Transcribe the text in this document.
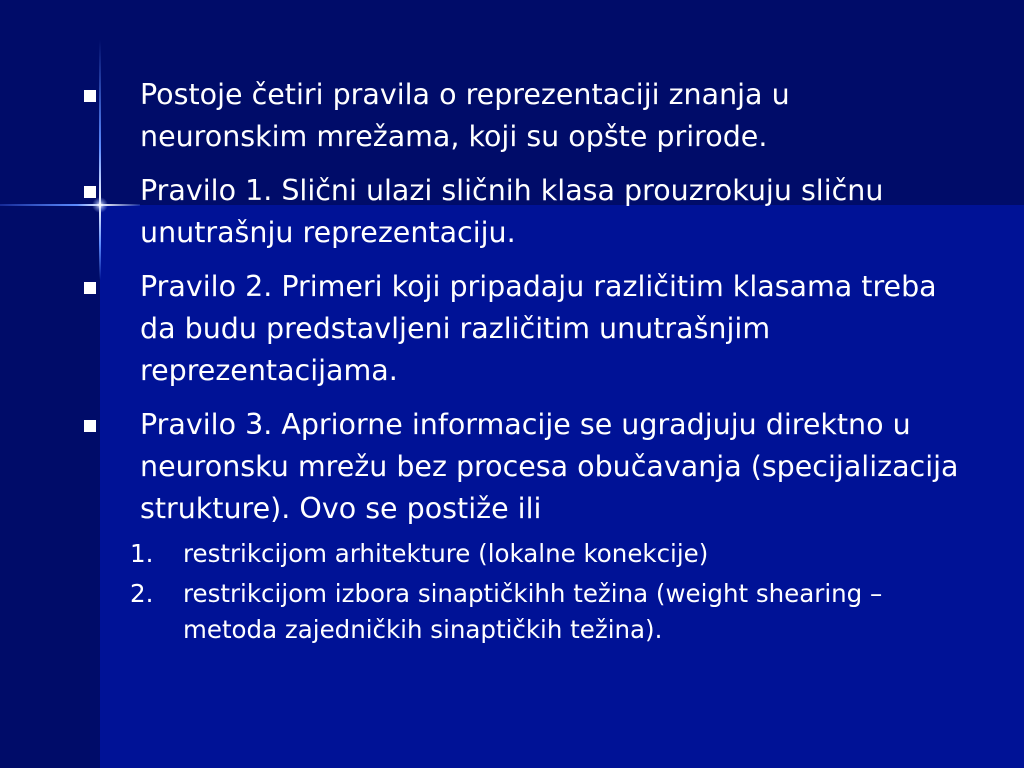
Postoje četiri pravila o reprezentaciji znanja u neuronskim mrežama, koji su opšte prirode.
Pravilo 1. Slični ulazi sličnih klasa prouzrokuju sličnu unutrašnju reprezentaciju.
Pravilo 2. Primeri koji pripadaju različitim klasama treba da budu predstavljeni različitim unutrašnjim reprezentacijama.
Pravilo 3. Apriorne informacije se ugradjuju direktno u neuronsku mrežu bez procesa obučavanja (specijalizacija strukture). Ovo se postiže ili
1. restrikcijom arhitekture (lokalne konekcije)
2. restrikcijom izbora sinaptičkihh težina (weight shearing – metoda zajedničkih sinaptičkih težina).
